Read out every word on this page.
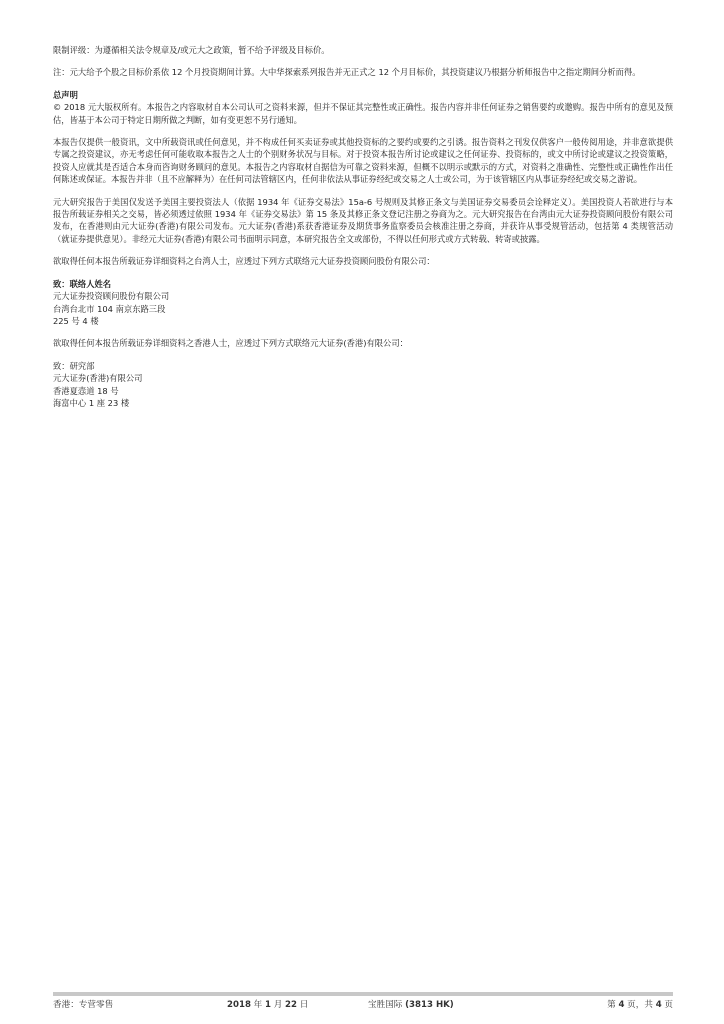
限制评级：为遵循相关法令规章及/或元大之政策，暂不给予评级及目标价。

注：元大给予个股之目标价系依 12 个月投资期间计算。大中华探索系列报告并无正式之 12 个月目标价，其投资建议乃根据分析师报告中之指定期间分析而得。

总声明

© 2018 元大版权所有。本报告之内容取材自本公司认可之资料来源，但并不保证其完整性或正确性。报告内容并非任何证券之销售要约或邀购。报告中所有的意见及预估，皆基于本公司于特定日期所做之判断，如有变更恕不另行通知。

本报告仅提供一般资讯，文中所载资讯或任何意见，并不构成任何买卖证券或其他投资标的之要约或要约之引诱。报告资料之刊发仅供客户一般传阅用途，并非意欲提供专属之投资建议，亦无考虑任何可能收取本报告之人士的个别财务状况与目标。对于投资本报告所讨论或建议之任何证券、投资标的，或文中所讨论或建议之投资策略，投资人应就其是否适合本身而咨询财务顾问的意见。本报告之内容取材自据信为可靠之资料来源，但概不以明示或默示的方式，对资料之准确性、完整性或正确性作出任何陈述或保证。本报告并非（且不应解释为）在任何司法管辖区内，任何非依法从事证券经纪或交易之人士或公司，为于该管辖区内从事证券经纪或交易之游说。

元大研究报告于美国仅发送予美国主要投资法人（依据 1934 年《证券交易法》15a-6 号规则及其修正条文与美国证券交易委员会诠释定义）。美国投资人若欲进行与本报告所载证券相关之交易，皆必须透过依照 1934 年《证券交易法》第 15 条及其修正条文登记注册之券商为之。元大研究报告在台湾由元大证券投资顾问股份有限公司发布，在香港则由元大证券(香港)有限公司发布。元大证券(香港)系获香港证券及期货事务监察委员会核准注册之券商，并获许从事受规管活动，包括第 4 类规管活动（就证券提供意见）。非经元大证券(香港)有限公司书面明示同意，本研究报告全文或部份，不得以任何形式或方式转载、转寄或披露。

欲取得任何本报告所载证券详细资料之台湾人士，应透过下列方式联络元大证券投资顾问股份有限公司：

致：联络人姓名
元大证券投资顾问股份有限公司
台湾台北市 104 南京东路三段
225 号 4 楼

欲取得任何本报告所载证券详细资料之香港人士，应透过下列方式联络元大证券(香港)有限公司：

致：研究部
元大证券(香港)有限公司
香港夏悫道 18 号
海富中心 1 座 23 楼
香港：专营零售	2018 年 1 月 22 日	宝胜国际 (3813 HK)	第 4 页，共 4 页
